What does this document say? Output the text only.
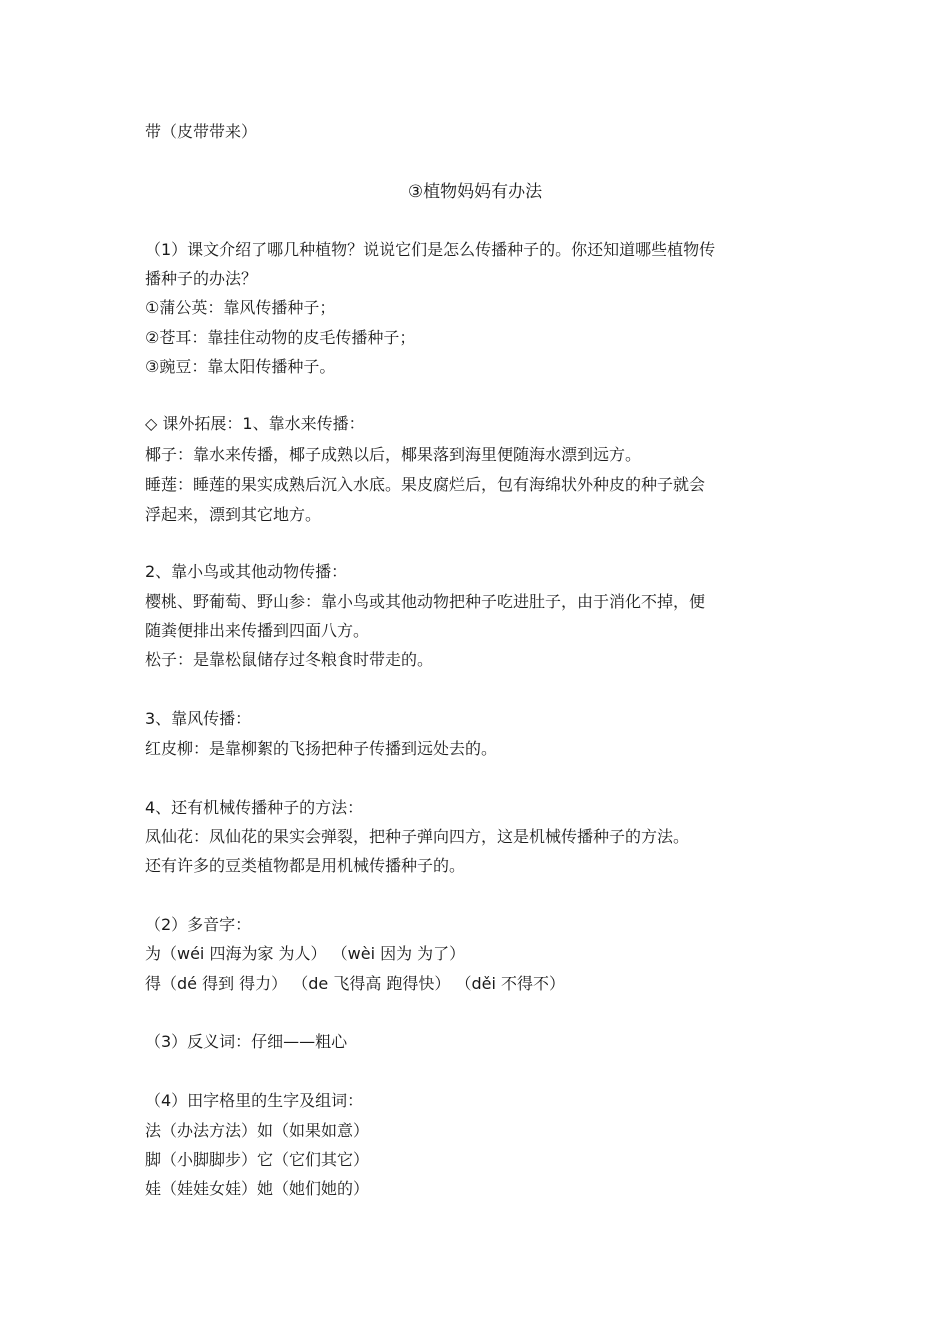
带（皮带带来）
③植物妈妈有办法
（1）课文介绍了哪几种植物？说说它们是怎么传播种子的。你还知道哪些植物传
播种子的办法？
①蒲公英：靠风传播种子；
②苍耳：靠挂住动物的皮毛传播种子；
③豌豆：靠太阳传播种子。
◇ 课外拓展：1、靠水来传播：
椰子：靠水来传播，椰子成熟以后，椰果落到海里便随海水漂到远方。
睡莲：睡莲的果实成熟后沉入水底。果皮腐烂后，包有海绵状外种皮的种子就会
浮起来，漂到其它地方。
2、靠小鸟或其他动物传播：
樱桃、野葡萄、野山参：靠小鸟或其他动物把种子吃进肚子，由于消化不掉，便
随粪便排出来传播到四面八方。
松子：是靠松鼠储存过冬粮食时带走的。
3、靠风传播：
红皮柳：是靠柳絮的飞扬把种子传播到远处去的。
4、还有机械传播种子的方法：
凤仙花：凤仙花的果实会弹裂，把种子弹向四方，这是机械传播种子的方法。
还有许多的豆类植物都是用机械传播种子的。
（2）多音字：
为（wéi 四海为家 为人） （wèi 因为 为了）
得（dé 得到 得力） （de 飞得高 跑得快） （děi 不得不）
（3）反义词：仔细——粗心
（4）田字格里的生字及组词：
法（办法方法）如（如果如意）
脚（小脚脚步）它（它们其它）
娃（娃娃女娃）她（她们她的）
